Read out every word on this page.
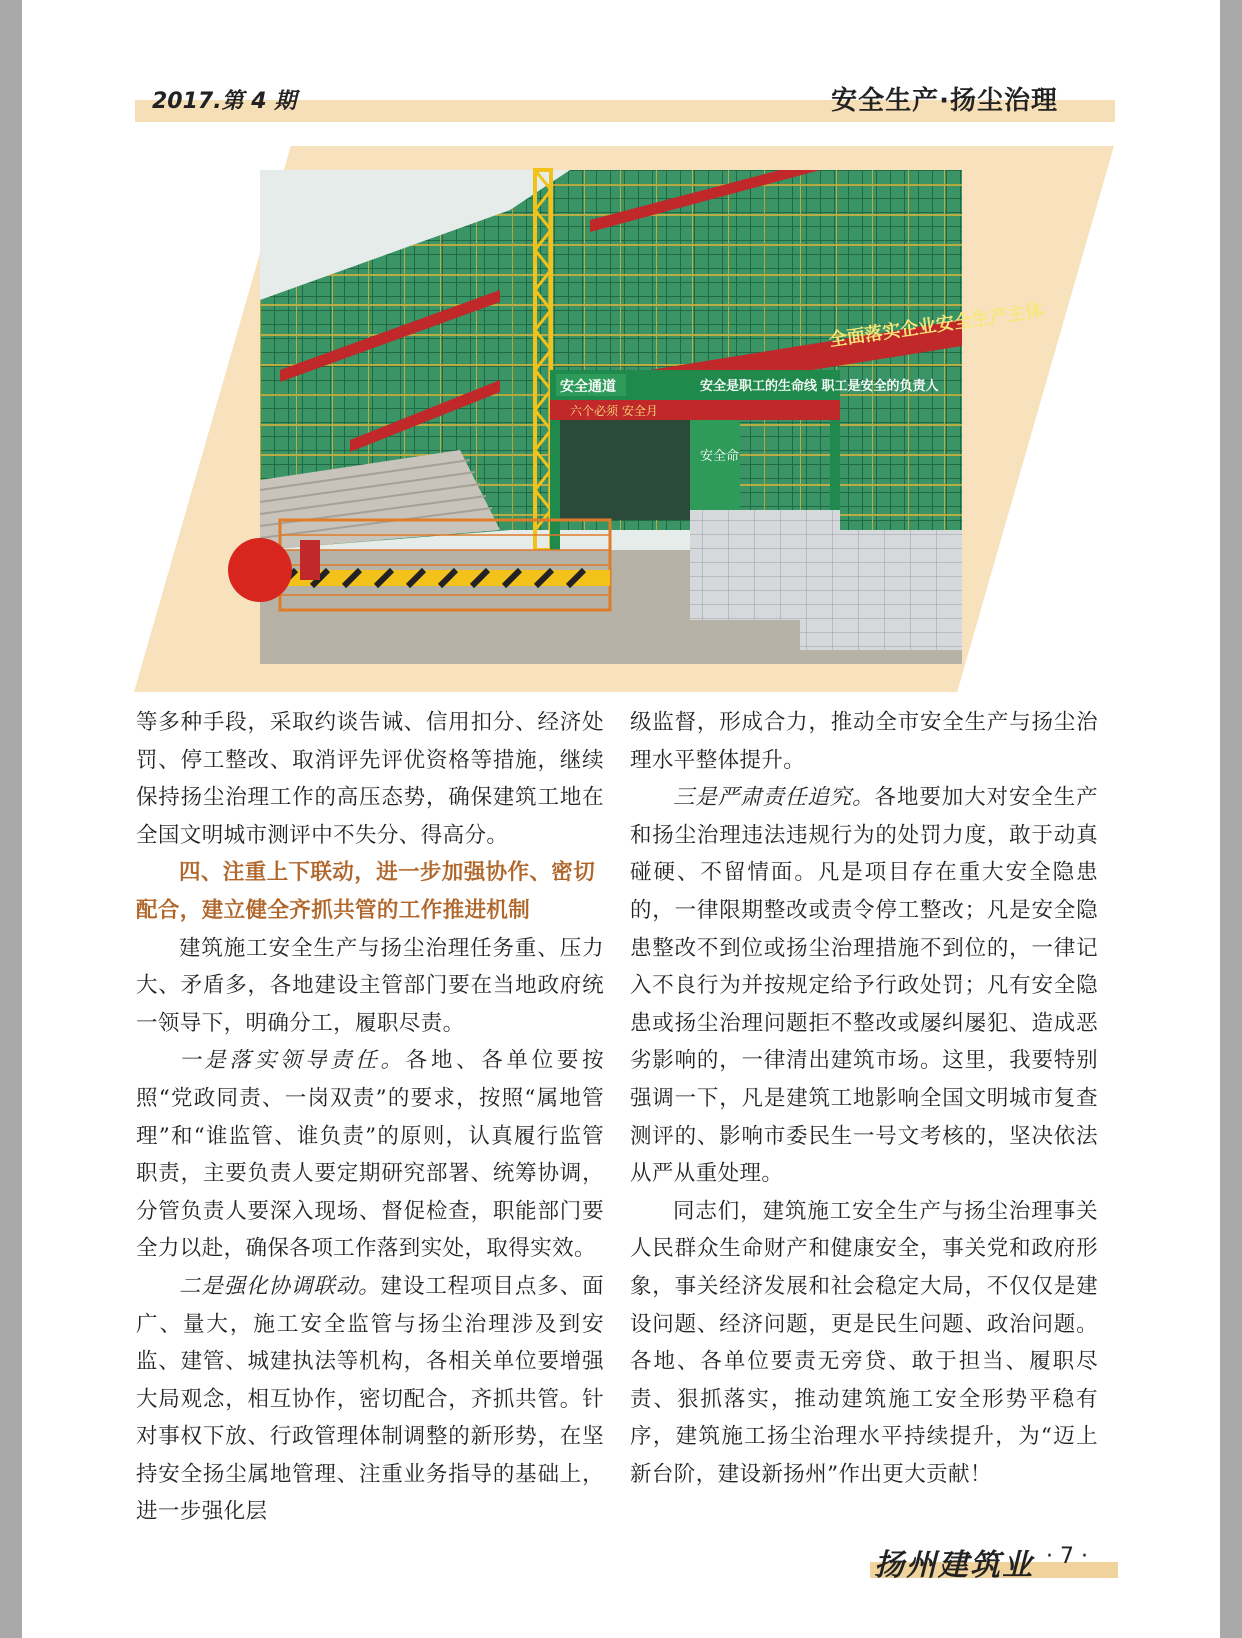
2017.第 4 期	安全生产·扬尘治理
全面落实企业安全生产主体
安全通道	安全是职工的生命线 职工是安全的负责人
六个必须 安全月
安全命

等多种手段，采取约谈告诫、信用扣分、经济处罚、停工整改、取消评先评优资格等措施，继续保持扬尘治理工作的高压态势，确保建筑工地在全国文明城市测评中不失分、得高分。

四、注重上下联动，进一步加强协作、密切配合，建立健全齐抓共管的工作推进机制

建筑施工安全生产与扬尘治理任务重、压力大、矛盾多，各地建设主管部门要在当地政府统一领导下，明确分工，履职尽责。

一是落实领导责任。各地、各单位要按照“党政同责、一岗双责”的要求，按照“属地管理”和“谁监管、谁负责”的原则，认真履行监管职责，主要负责人要定期研究部署、统筹协调，分管负责人要深入现场、督促检查，职能部门要全力以赴，确保各项工作落到实处，取得实效。

二是强化协调联动。建设工程项目点多、面广、量大，施工安全监管与扬尘治理涉及到安监、建管、城建执法等机构，各相关单位要增强大局观念，相互协作，密切配合，齐抓共管。针对事权下放、行政管理体制调整的新形势，在坚持安全扬尘属地管理、注重业务指导的基础上，进一步强化层

级监督，形成合力，推动全市安全生产与扬尘治理水平整体提升。

三是严肃责任追究。各地要加大对安全生产和扬尘治理违法违规行为的处罚力度，敢于动真碰硬、不留情面。凡是项目存在重大安全隐患的，一律限期整改或责令停工整改；凡是安全隐患整改不到位或扬尘治理措施不到位的，一律记入不良行为并按规定给予行政处罚；凡有安全隐患或扬尘治理问题拒不整改或屡纠屡犯、造成恶劣影响的，一律清出建筑市场。这里，我要特别强调一下，凡是建筑工地影响全国文明城市复查测评的、影响市委民生一号文考核的，坚决依法从严从重处理。

同志们，建筑施工安全生产与扬尘治理事关人民群众生命财产和健康安全，事关党和政府形象，事关经济发展和社会稳定大局，不仅仅是建设问题、经济问题，更是民生问题、政治问题。各地、各单位要责无旁贷、敢于担当、履职尽责、狠抓落实，推动建筑施工安全形势平稳有序，建筑施工扬尘治理水平持续提升，为“迈上新台阶，建设新扬州”作出更大贡献！

扬州建筑业 · 7 ·
